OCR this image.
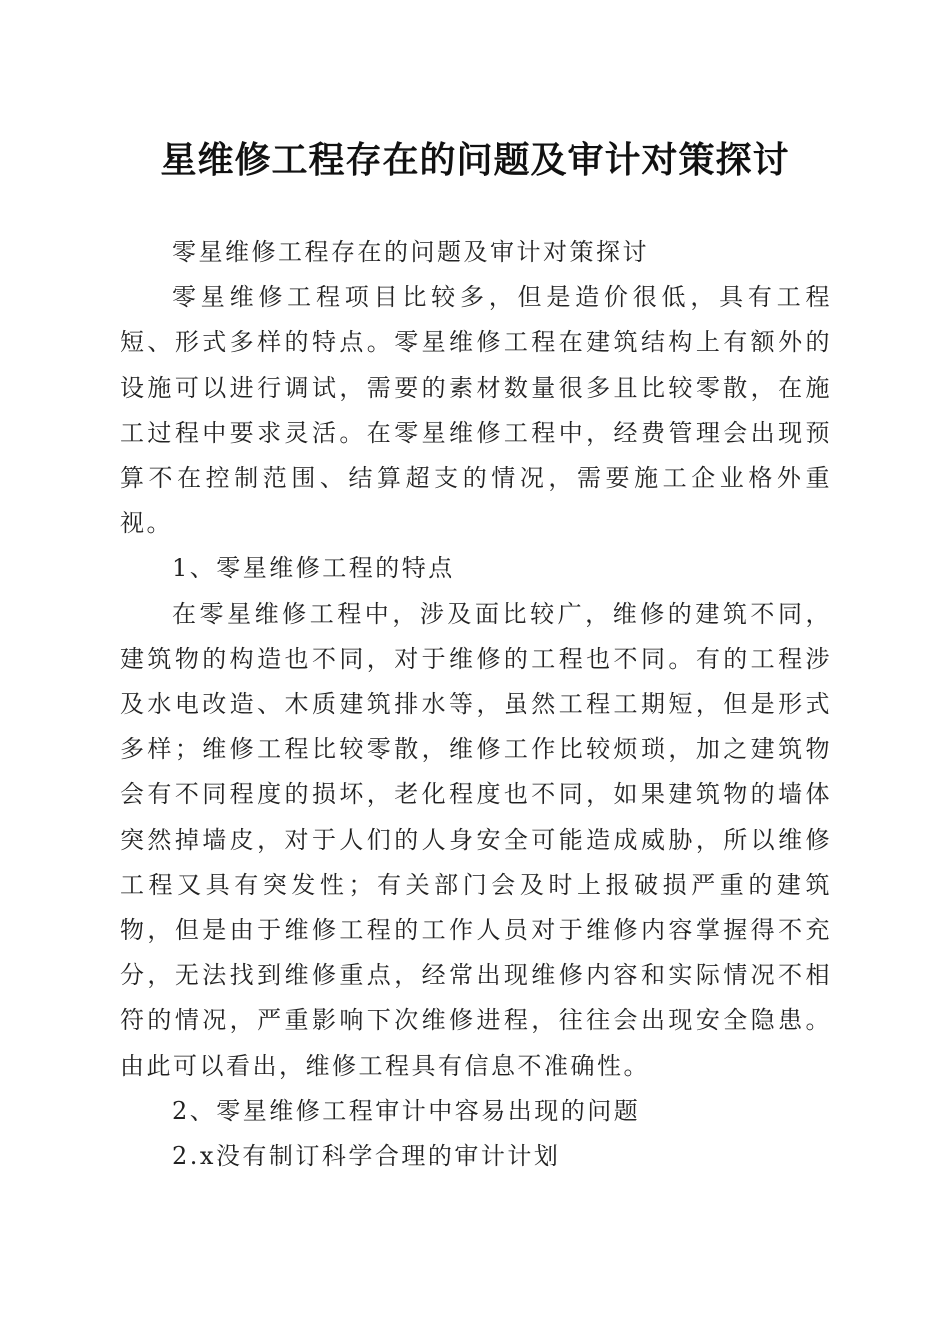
星维修工程存在的问题及审计对策探讨

零星维修工程存在的问题及审计对策探讨

零星维修工程项目比较多，但是造价很低，具有工程短、形式多样的特点。零星维修工程在建筑结构上有额外的设施可以进行调试，需要的素材数量很多且比较零散，在施工过程中要求灵活。在零星维修工程中，经费管理会出现预算不在控制范围、结算超支的情况，需要施工企业格外重视。

1、零星维修工程的特点

在零星维修工程中，涉及面比较广，维修的建筑不同，建筑物的构造也不同，对于维修的工程也不同。有的工程涉及水电改造、木质建筑排水等，虽然工程工期短，但是形式多样；维修工程比较零散，维修工作比较烦琐，加之建筑物会有不同程度的损坏，老化程度也不同，如果建筑物的墙体突然掉墙皮，对于人们的人身安全可能造成威胁，所以维修工程又具有突发性；有关部门会及时上报破损严重的建筑物，但是由于维修工程的工作人员对于维修内容掌握得不充分，无法找到维修重点，经常出现维修内容和实际情况不相符的情况，严重影响下次维修进程，往往会出现安全隐患。由此可以看出，维修工程具有信息不准确性。

2、零星维修工程审计中容易出现的问题

2.x没有制订科学合理的审计计划
